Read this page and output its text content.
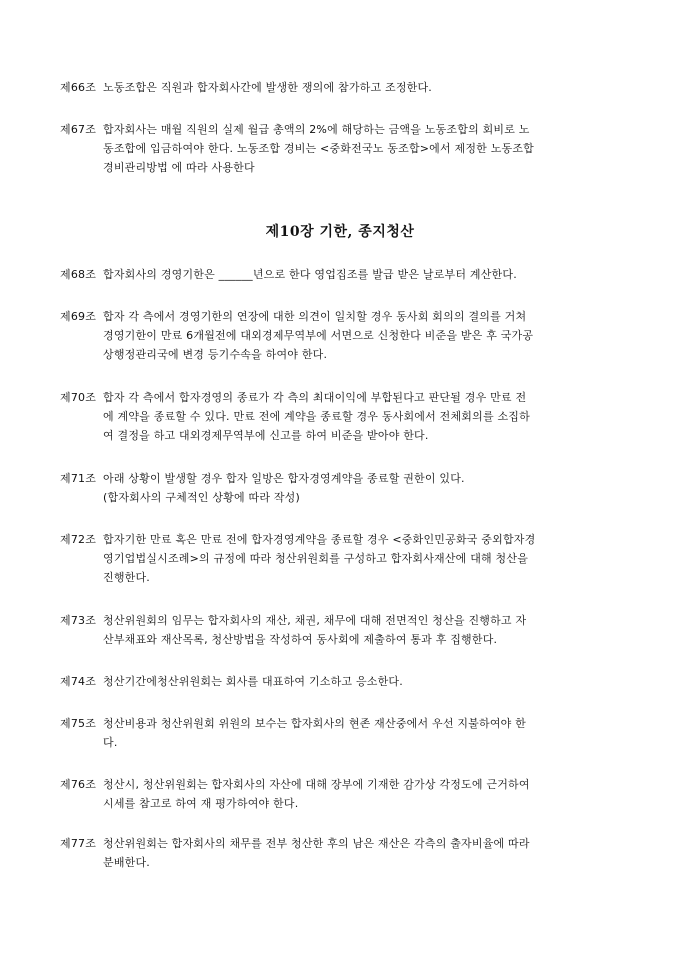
제66조 노동조합은 직원과 합자회사간에 발생한 쟁의에 참가하고 조정한다.
제67조 합자회사는 매월 직원의 실제 월급 총액의 2%에 해당하는 금액을 노동조합의 회비로 노
동조합에 입금하여야 한다. 노동조합 경비는 <중화전국노 동조합>에서 제정한 노동조합
경비관리방법 에 따라 사용한다
제10장 기한, 종지청산
제68조 합자회사의 경영기한은 ______년으로 한다 영업집조를 발급 받은 날로부터 계산한다.
제69조 합자 각 측에서 경영기한의 연장에 대한 의견이 일치할 경우 동사회 회의의 결의를 거쳐
경영기한이 만료 6개월전에 대외경제무역부에 서면으로 신청한다 비준을 받은 후 국가공
상행정관리국에 변경 등기수속을 하여야 한다.
제70조 합자 각 측에서 합자경영의 종료가 각 측의 최대이익에 부합된다고 판단될 경우 만료 전
에 계약을 종료할 수 있다. 만료 전에 계약을 종료할 경우 동사회에서 전체회의를 소집하
여 결정을 하고 대외경제무역부에 신고를 하여 비준을 받아야 한다.
제71조 아래 상황이 발생할 경우 합자 일방은 합자경영계약을 종료할 권한이 있다.
(합자회사의 구체적인 상황에 따라 작성)
제72조 합자기한 만료 혹은 만료 전에 합자경영계약을 종료할 경우 <중화인민공화국 중외합자경
영기업법실시조례>의 규정에 따라 청산위원회를 구성하고 합자회사재산에 대해 청산을
진행한다.
제73조 청산위원회의 임무는 합자회사의 재산, 채권, 채무에 대해 전면적인 청산을 진행하고 자
산부채표와 재산목록, 청산방법을 작성하여 동사회에 제출하여 통과 후 집행한다.
제74조 청산기간에청산위원회는 회사를 대표하여 기소하고 응소한다.
제75조 청산비용과 청산위원회 위원의 보수는 합자회사의 현존 재산중에서 우선 지불하여야 한
다.
제76조 청산시, 청산위원회는 합자회사의 자산에 대해 장부에 기재한 감가상 각정도에 근거하여
시세를 참고로 하여 재 평가하여야 한다.
제77조 청산위원회는 합자회사의 채무를 전부 청산한 후의 남은 재산은 각측의 출자비율에 따라
분배한다.
